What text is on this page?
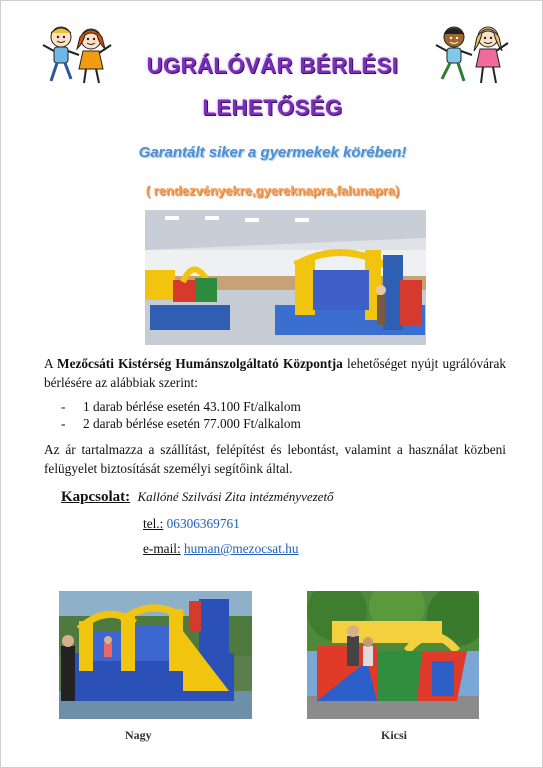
UGRÁLÓVÁR BÉRLÉSI
LEHETŐSÉG
Garantált siker a gyermekek körében!
( rendezvényekre,gyereknapra,falunapra)
A Mezőcsáti Kistérség Humánszolgáltató Központja lehetőséget nyújt ugrálóvárak bérlésére az alábbiak szerint:
-	1 darab bérlése esetén 43.100 Ft/alkalom
-	2 darab bérlése esetén 77.000 Ft/alkalom
Az ár tartalmazza a szállítást, felépítést és lebontást, valamint a használat közbeni felügyelet biztosítását személyi segítőink által.
Kapcsolat: Kallóné Szilvási Zita intézményvezető
tel.: 06306369761
e-mail: human@mezocsat.hu
Nagy	Kicsi
